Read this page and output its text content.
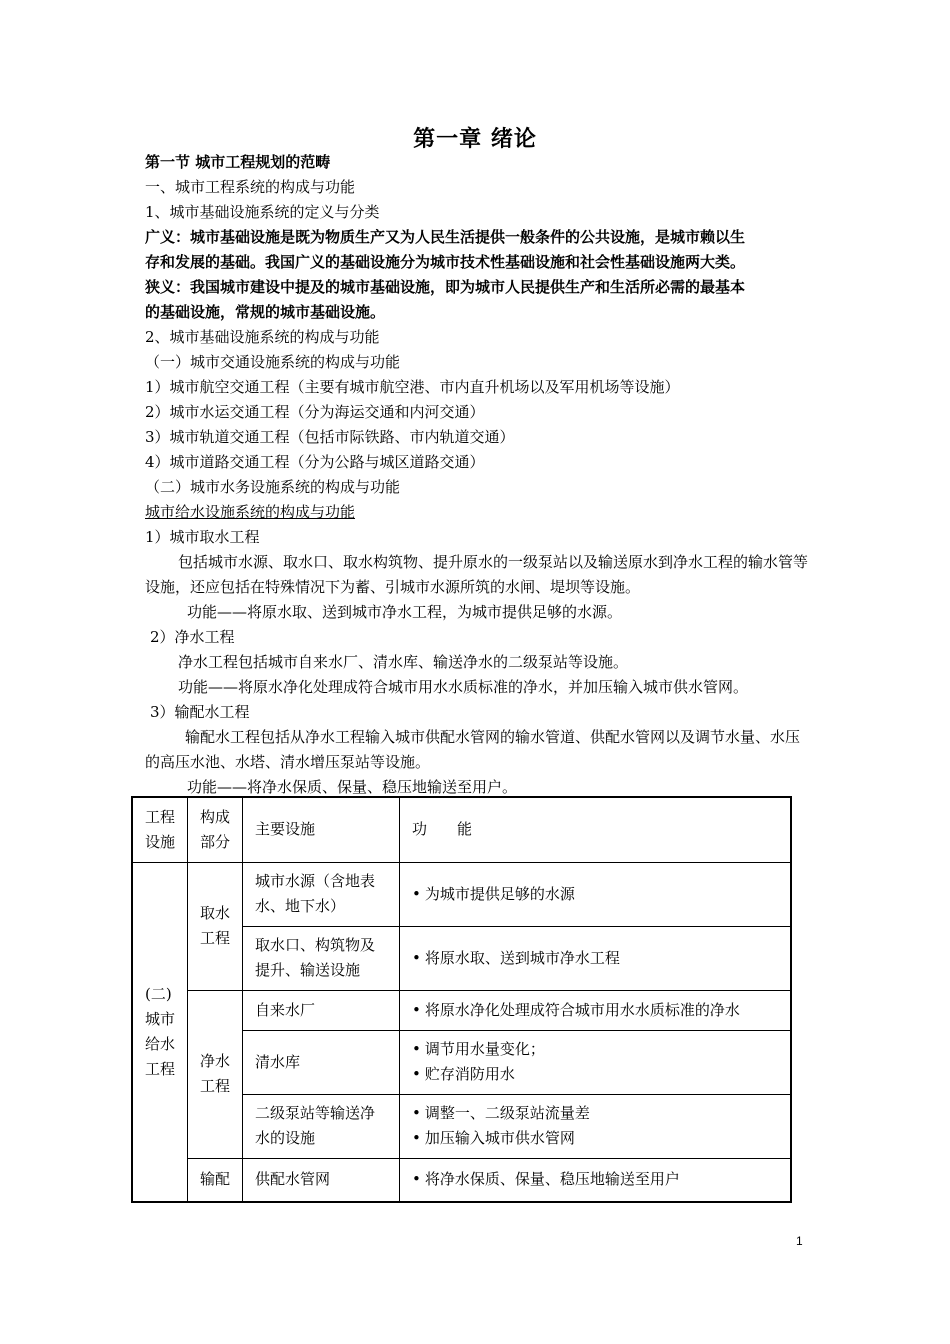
第一章 绪论
第一节 城市工程规划的范畴
一、城市工程系统的构成与功能
1、城市基础设施系统的定义与分类
广义：城市基础设施是既为物质生产又为人民生活提供一般条件的公共设施，是城市赖以生
存和发展的基础。我国广义的基础设施分为城市技术性基础设施和社会性基础设施两大类。
狭义：我国城市建设中提及的城市基础设施，即为城市人民提供生产和生活所必需的最基本
的基础设施，常规的城市基础设施。
2、城市基础设施系统的构成与功能
（一）城市交通设施系统的构成与功能
1）城市航空交通工程（主要有城市航空港、市内直升机场以及军用机场等设施）
2）城市水运交通工程（分为海运交通和内河交通）
3）城市轨道交通工程（包括市际铁路、市内轨道交通）
4）城市道路交通工程（分为公路与城区道路交通）
（二）城市水务设施系统的构成与功能
城市给水设施系统的构成与功能
1）城市取水工程
包括城市水源、取水口、取水构筑物、提升原水的一级泵站以及输送原水到净水工程的输水管等设施，还应包括在特殊情况下为蓄、引城市水源所筑的水闸、堤坝等设施。
功能——将原水取、送到城市净水工程，为城市提供足够的水源。
2）净水工程
净水工程包括城市自来水厂、清水库、输送净水的二级泵站等设施。
功能——将原水净化处理成符合城市用水水质标准的净水，并加压输入城市供水管网。
3）输配水工程
输配水工程包括从净水工程输入城市供配水管网的输水管道、供配水管网以及调节水量、水压的高压水池、水塔、清水增压泵站等设施。
功能——将净水保质、保量、稳压地输送至用户。
工程设施	构成部分	主要设施	功　　能
(二)城市给水工程	取水工程	城市水源（含地表水、地下水）	• 为城市提供足够的水源

		取水口、构筑物及提升、输送设施	• 将原水取、送到城市净水工程

	净水工程	自来水厂	• 将原水净化处理成符合城市用水水质标准的净水

		清水库	• 调节用水量变化；
• 贮存消防用水

		二级泵站等输送净水的设施	• 调整一、二级泵站流量差
• 加压输入城市供水管网

	输配	供配水管网	• 将净水保质、保量、稳压地输送至用户
1
